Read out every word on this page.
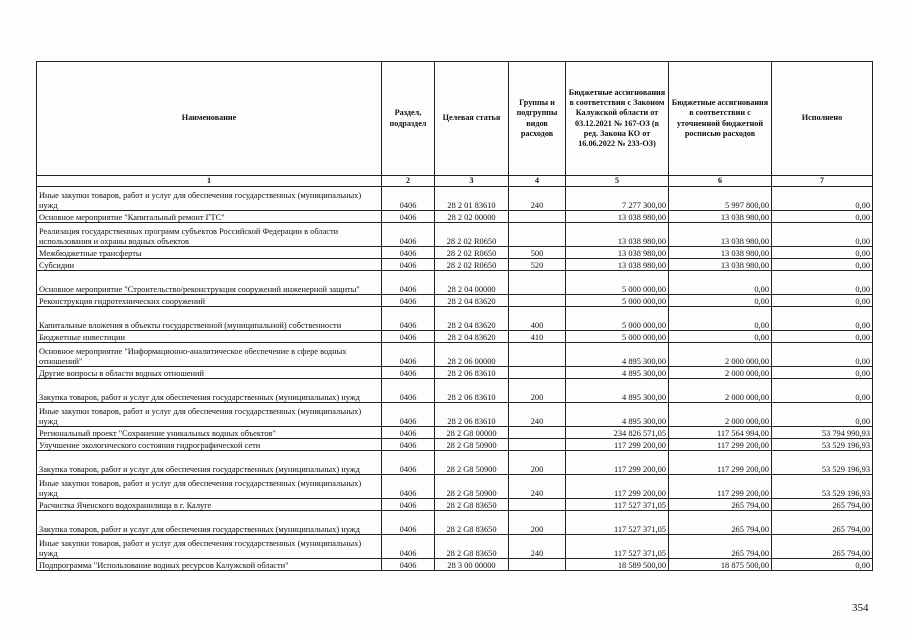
Наименование	Раздел, подраздел	Целевая статья	Группы и подгруппы видов расходов	Бюджетные ассигнования в соответствии с Законом Калужской области от 03.12.2021 № 167-ОЗ (в ред. Закона КО от 16.06.2022 № 233-ОЗ)	Бюджетные ассигнования в соответствии с уточненной бюджетной росписью расходов	Исполнено
1	2	3	4	5	6	7
Иные закупки товаров, работ и услуг для обеспечения государственных (муниципальных) нужд	0406	28 2 01 83610	240	7 277 300,00	5 997 800,00	0,00
Основное мероприятие "Капитальный ремонт ГТС"	0406	28 2 02 00000		13 038 980,00	13 038 980,00	0,00
Реализация государственных программ субъектов Российской Федерации в области использования и охраны водных объектов	0406	28 2 02 R0650		13 038 980,00	13 038 980,00	0,00
Межбюджетные трансферты	0406	28 2 02 R0650	500	13 038 980,00	13 038 980,00	0,00
Субсидии	0406	28 2 02 R0650	520	13 038 980,00	13 038 980,00	0,00
Основное мероприятие "Строительство/реконструкция сооружений инженерной защиты"	0406	28 2 04 00000		5 000 000,00	0,00	0,00
Реконструкция гидротехнических сооружений	0406	28 2 04 83620		5 000 000,00	0,00	0,00
Капитальные вложения в объекты государственной (муниципальной) собственности	0406	28 2 04 83620	400	5 000 000,00	0,00	0,00
Бюджетные инвестиции	0406	28 2 04 83620	410	5 000 000,00	0,00	0,00
Основное мероприятие "Информационно-аналитическое обеспечение в сфере водных отношений"	0406	28 2 06 00000		4 895 300,00	2 000 000,00	0,00
Другие вопросы в области водных отношений	0406	28 2 06 83610		4 895 300,00	2 000 000,00	0,00
Закупка товаров, работ и услуг для обеспечения государственных (муниципальных) нужд	0406	28 2 06 83610	200	4 895 300,00	2 000 000,00	0,00
Иные закупки товаров, работ и услуг для обеспечения государственных (муниципальных) нужд	0406	28 2 06 83610	240	4 895 300,00	2 000 000,00	0,00
Региональный проект "Сохранение уникальных водных объектов"	0406	28 2 G8 00000		234 826 571,05	117 564 994,00	53 794 990,93
Улучшение экологического состояния гидрографической сети	0406	28 2 G8 50900		117 299 200,00	117 299 200,00	53 529 196,93
Закупка товаров, работ и услуг для обеспечения государственных (муниципальных) нужд	0406	28 2 G8 50900	200	117 299 200,00	117 299 200,00	53 529 196,93
Иные закупки товаров, работ и услуг для обеспечения государственных (муниципальных) нужд	0406	28 2 G8 50900	240	117 299 200,00	117 299 200,00	53 529 196,93
Расчистка Яченского водохранилища в г. Калуге	0406	28 2 G8 83650		117 527 371,05	265 794,00	265 794,00
Закупка товаров, работ и услуг для обеспечения государственных (муниципальных) нужд	0406	28 2 G8 83650	200	117 527 371,05	265 794,00	265 794,00
Иные закупки товаров, работ и услуг для обеспечения государственных (муниципальных) нужд	0406	28 2 G8 83650	240	117 527 371,05	265 794,00	265 794,00
Подпрограмма "Использование водных ресурсов Калужской области"	0406	28 3 00 00000		18 589 500,00	18 875 500,00	0,00
354
